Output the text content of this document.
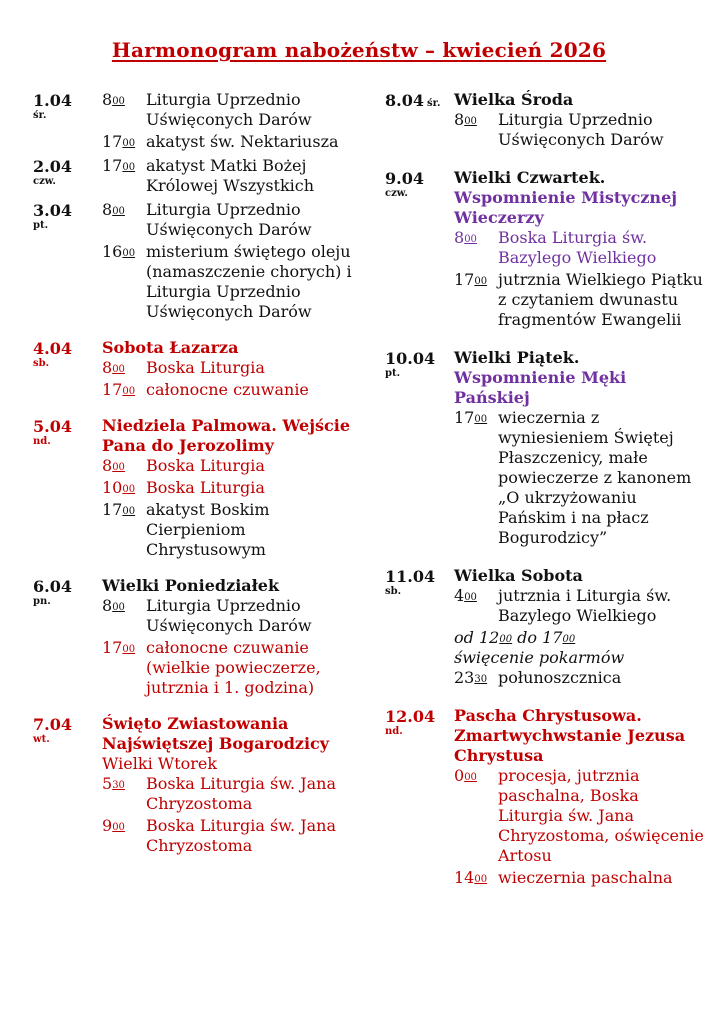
Harmonogram nabożeństw – kwiecień 2026
1.04
śr.
$8^{00}$	Liturgia Uprzednio Uświęconych Darów
$17^{00}$ akatyst św. Nektariusza
2.04
czw.
$17^{00}$ akatyst Matki Bożej Królowej Wszystkich
3.04
pt.
$8^{00}$	Liturgia Uprzednio Uświęconych Darów
$16^{00}$ misterium świętego oleju (namaszczenie chorych) i Liturgia Uprzednio Uświęconych Darów
4.04
sb.
Sobota Łazarza
$8^{00}$	Boska Liturgia
$17^{00}$ całonocne czuwanie
5.04
nd.
Niedziela Palmowa. Wejście Pana do Jerozolimy
$8^{00}$	Boska Liturgia
$10^{00}$ Boska Liturgia
$17^{00}$ akatyst Boskim Cierpieniom Chrystusowym
6.04
pn.
Wielki Poniedziałek
$8^{00}$	Liturgia Uprzednio Uświęconych Darów
$17^{00}$ całonocne czuwanie (wielkie powieczerze, jutrznia i 1. godzina)
7.04
wt.
Święto Zwiastowania Najświętszej Bogarodzicy
Wielki Wtorek
$5^{30}$	Boska Liturgia św. Jana Chryzostoma
$9^{00}$	Boska Liturgia św. Jana Chryzostoma
8.04 śr. Wielka Środa
$8^{00}$	Liturgia Uprzednio Uświęconych Darów
9.04
czw.
Wielki Czwartek.
Wspomnienie Mistycznej Wieczerzy
$8^{00}$	Boska Liturgia św. Bazylego Wielkiego
$17^{00}$ jutrznia Wielkiego Piątku z czytaniem dwunastu fragmentów Ewangelii
10.04
pt.
Wielki Piątek.
Wspomnienie Męki Pańskiej
$17^{00}$ wieczernia z wyniesieniem Świętej Płaszczenicy, małe powieczerze z kanonem „O ukrzyżowaniu Pańskim i na płacz Bogurodzicy”
11.04
sb.
Wielka Sobota
$4^{00}$	jutrznia i Liturgia św. Bazylego Wielkiego
od $12^{00}$ do $17^{00}$
święcenie pokarmów
$23^{30}$ połunoszcznica
12.04
nd.
Pascha Chrystusowa. Zmartwychwstanie Jezusa Chrystusa
$0^{00}$	procesja, jutrznia paschalna, Boska Liturgia św. Jana Chryzostoma, oświęcenie Artosu
$14^{00}$ wieczernia paschalna
